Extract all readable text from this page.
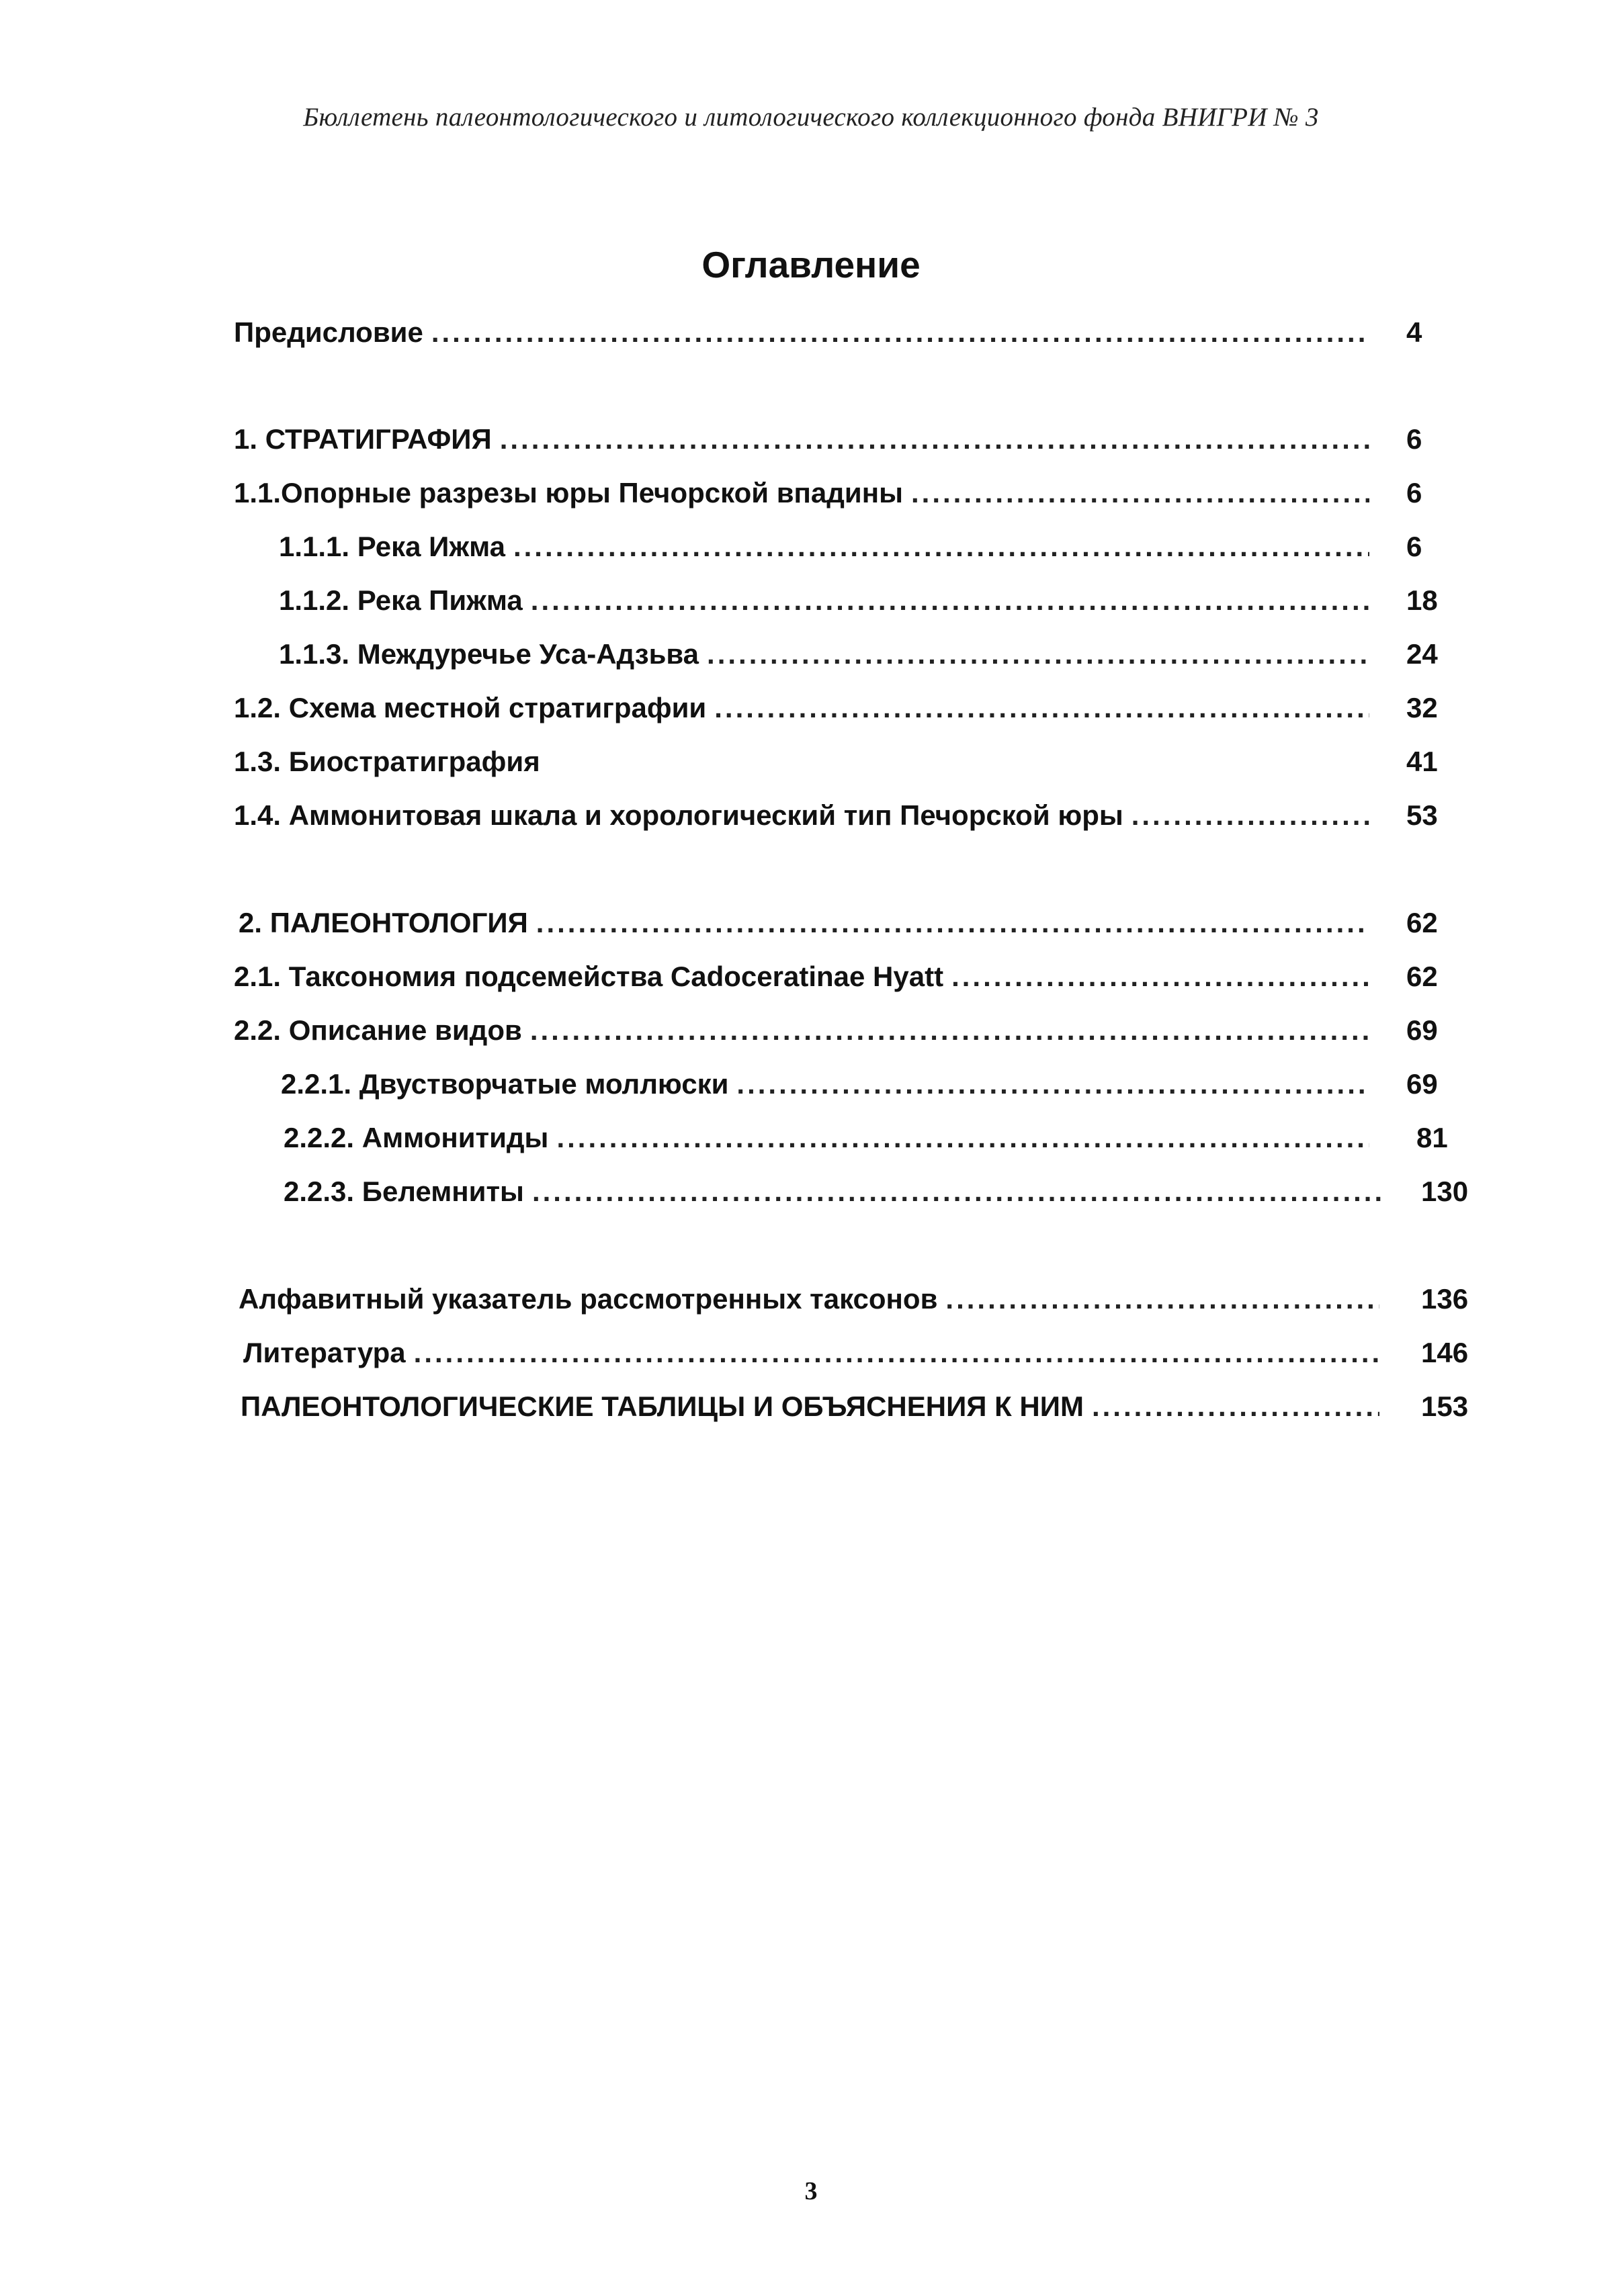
Бюллетень палеонтологического и литологического коллекционного фонда ВНИГРИ № 3
Оглавление
Предисловие .....	4
1. СТРАТИГРАФИЯ .....	6
1.1.Опорные разрезы юры Печорской впадины .....	6
1.1.1. Река Ижма .....	6
1.1.2. Река Пижма .....	18
1.1.3. Междуречье Уса-Адзьва .....	24
1.2. Схема местной стратиграфии .....	32
1.3. Биостратиграфия	41
1.4. Аммонитовая шкала и хорологический тип Печорской юры .....	53
2. ПАЛЕОНТОЛОГИЯ .....	62
2.1. Таксономия подсемейства Cadoceratinae Hyatt .....	62
2.2. Описание видов .....	69
2.2.1. Двустворчатые моллюски .....	69
2.2.2. Аммонитиды .....	81
2.2.3. Белемниты .....	130
Алфавитный указатель рассмотренных таксонов .....	136
Литература .....	146
ПАЛЕОНТОЛОГИЧЕСКИЕ ТАБЛИЦЫ И ОБЪЯСНЕНИЯ К НИМ .....	153
3
